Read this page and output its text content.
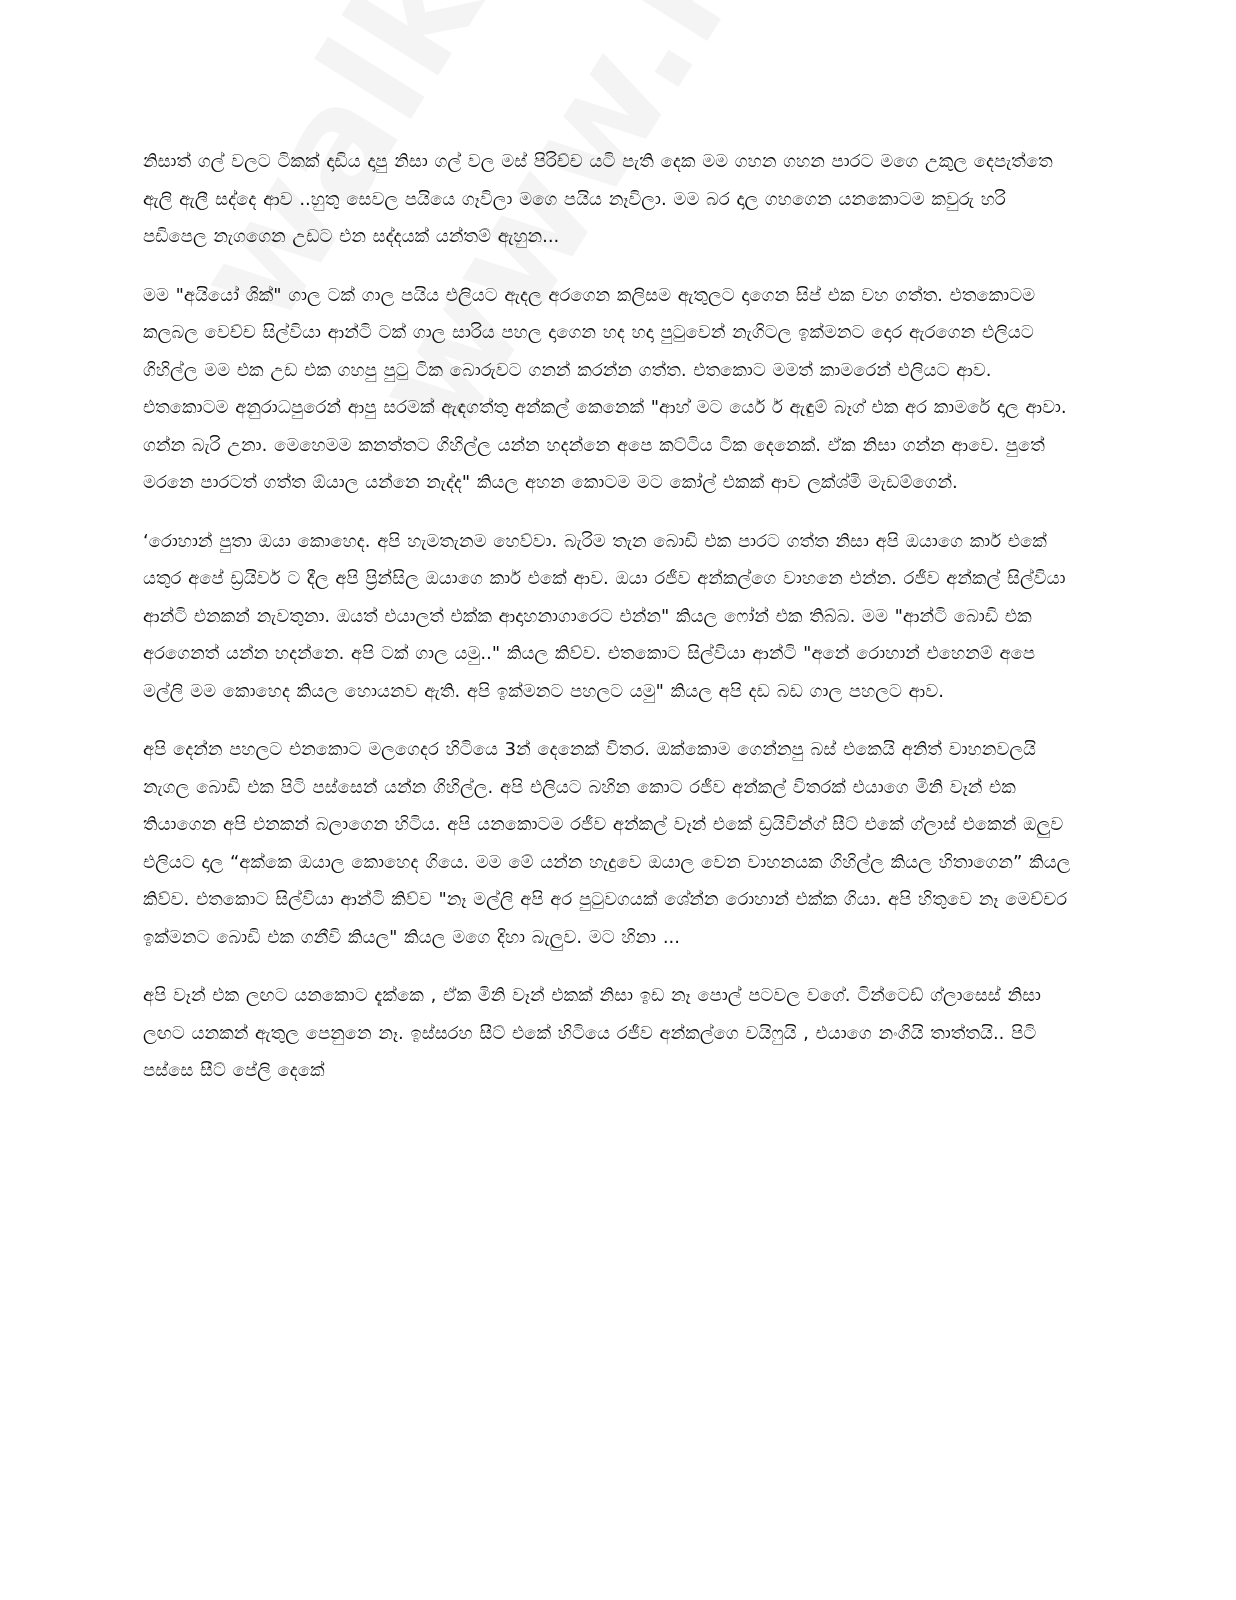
නිසාත් ගල් වලට ටිකක් දාඩිය දාපු නිසා ගල් වල මස් පිරිච්ච යටි පැති දෙක මම ගහන ගහන පාරට මගෙ උකුල දෙපැත්තෙ ඇලි ඇලී සද්දෙ ආව ..හුතු සෙවල පයියෙ ගෑවිලා මගෙ පයිය නෑවිලා. මම බර දාල ගහගෙන යනකොටම කවුරු හරි පඩිපෙල නැගගෙන උඩට එන සද්දයක් යන්තම් ඇහුන...

මම "අයියෝ ශික්" ගාල ටක් ගාල පයිය එලියට ඇදල අරගෙන කලිසම ඇතුලට දාගෙන සිප් එක වහ ගත්ත. එතකොටම කලබල වෙච්ච සිල්වියා ආන්ටි ටක් ගාල සාරිය පහල දාගෙන හද හදා පුටුවෙන් නැගිටල ඉක්මනට දොර ඇරගෙන එලියට ගිහිල්ල මම එක උඩ එක ගහපු පුටු ටික බොරුවට ගනන් කරන්න ගත්ත. එතකොට මමත් කාමරෙන් එලියට ආව. එතකොටම අනුරාධපුරෙන් ආපු සරමක් ඇඳගත්තු අන්කල් කෙනෙක් "ආහ් මට ර්යෙ ර් ඇඳුම් බෑග් එක අර කාමරේ දාල ආවා. ගන්න බැරි උනා. මෙහෙමම කනත්තට ගිහිල්ල යන්න හදන්නෙ අපෙ කට්ටිය ටික දෙනෙක්. ඒක නිසා ගන්න ආවෙ. පුතේ මරනෙ පාරටත් ගත්ත ඕයාල යන්නෙ නැද්ද" කියල අහන කොටම මට කෝල් එකක් ආව ලක්ශ්මි මැඩම්ගෙන්.

‘රොහාන් පුතා ඔයා කොහෙද. අපි හැමතැනම හෙව්වා. බැරිම තැන බොඩි එක පාරට ගත්ත නිසා අපි ඔයාගෙ කාර් එකේ යතුර අපේ ඩ්‍රයිවර් ට දීල අපි ප්‍රින්සිල ඔයාගෙ කාර් එකේ ආව. ඔයා රජීව අන්කල්ගෙ වාහනෙ එන්න. රජීව අන්කල් සිල්වියා ආන්ටි එනකන් නැවතුනා. ඔයත් එයාලත් එක්ක ආදාහනාගාරෙට එන්න" කියල ෆෝන් එක තිබ්බ. මම "ආන්ටි බොඩි එක අරගෙනත් යන්න හදන්නෙ. අපි ටක් ගාල යමු.." කියල කිව්ව. එතකොට සිල්වියා ආන්ටි "අනේ රොහාන් එහෙනම් අපෙ මල්ලි මම කොහෙද කියල හොයනව ඇති. අපි ඉක්මනට පහලට යමු" කියල අපි දඩ බඩ ගාල පහලට ආව.

අපි දෙන්න පහලට එනකොට මලගෙදර හිටියෙ 3න් දෙනෙක් විතර. ඔක්කොම ගෙන්නපු බස් එකෙයි අනිත් වාහනවලයි නැගල බොඩි එක පිටි පස්සෙන් යන්න ගිහිල්ල. අපි එලියට බහින කොට රජීව අන්කල් විතරක් එයාගෙ මිනි වෑන් එක තියාගෙන අපි එනකන් බලාගෙන හිටිය. අපි යනකොටම රජීව අන්කල් වෑන් එකේ ඩ්‍රයිවින්ග් සීට් එකේ ග්ලාස් එකෙන් ඔලුව එලියට දාල “අක්කෙ ඔයාල කොහෙද ගියෙ. මම මේ යන්න හැදුවෙ ඔයාල වෙන වාහනයක ගිහිල්ල කියල හිතාගෙන” කියල කිව්ව. එතකොට සිල්වියා ආන්ටි කිව්ව "නෑ මල්ලි අපි අර පුටුවගයක් ශේන්න රොහාන් එක්ක ගියා. අපි හිතුවෙ නෑ මෙච්චර ඉක්මනට බොඩි එක ගනීවි කියල" කියල මගෙ දිහා බැලුව. මට හිනා ...

අපි වෑන් එක ලඟට යනකොට දැක්කෙ , ඒක මිනි වෑන් එකක් නිසා ඉඩ නෑ පොල් පටවල වගේ. ටින්ටෙඩ් ග්ලාසෙස් නිසා ලඟට යනකන් ඇතුල පෙනුනෙ නෑ. ඉස්සරහ සීට් එකේ හිටියෙ රජීව අන්කල්ගෙ වයිෆුයි , එයාගෙ නංගියි තාත්තයි.. පිටි පස්සෙ සීට් පේලි දෙකේ
